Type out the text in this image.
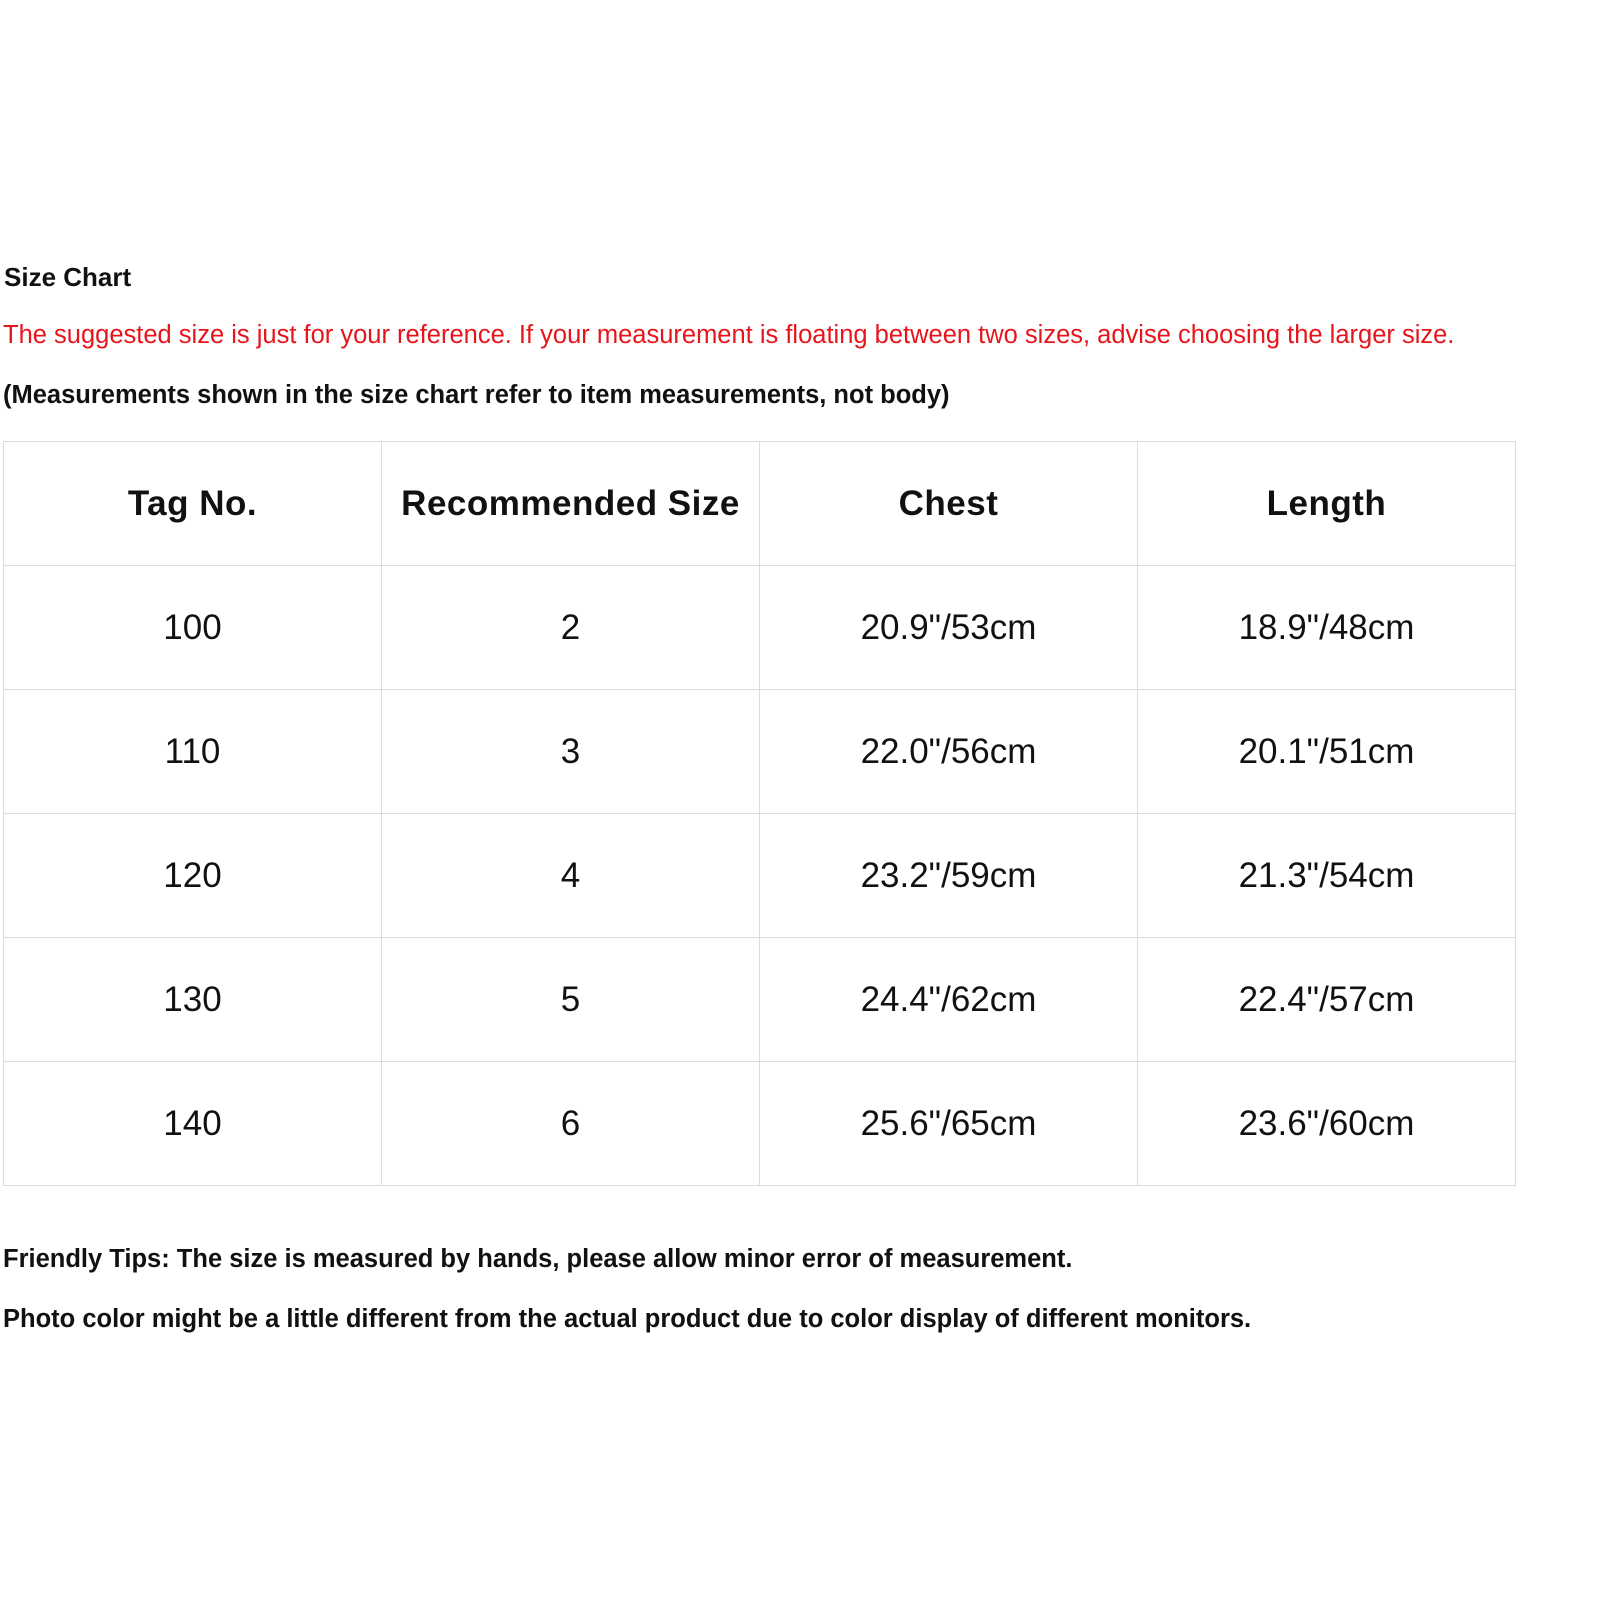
Size Chart
The suggested size is just for your reference. If your measurement is floating between two sizes, advise choosing the larger size.
(Measurements shown in the size chart refer to item measurements, not body)
Tag No.	Recommended Size	Chest	Length
100	2	20.9"/53cm	18.9"/48cm
110	3	22.0"/56cm	20.1"/51cm
120	4	23.2"/59cm	21.3"/54cm
130	5	24.4"/62cm	22.4"/57cm
140	6	25.6"/65cm	23.6"/60cm
Friendly Tips: The size is measured by hands, please allow minor error of measurement.
Photo color might be a little different from the actual product due to color display of different monitors.
